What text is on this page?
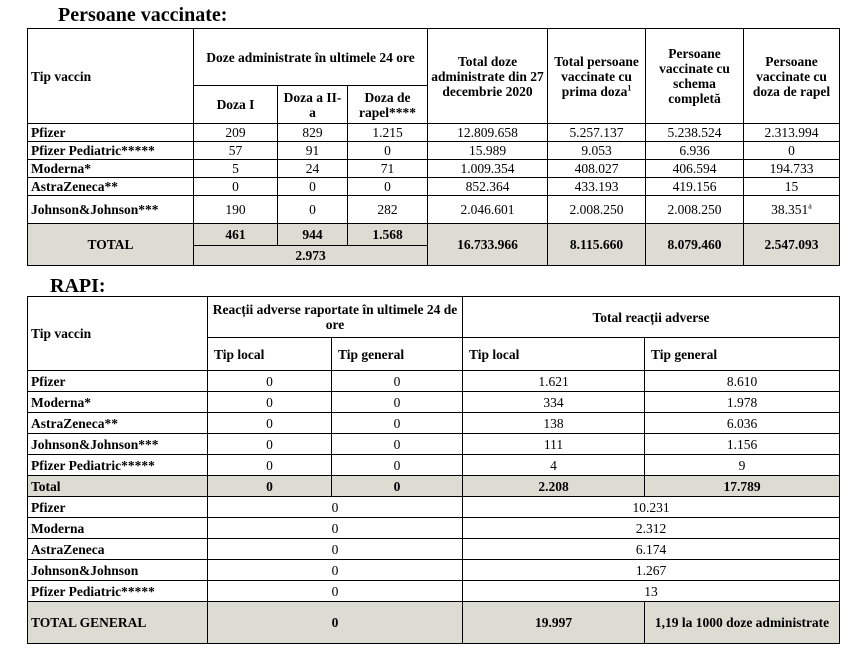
Persoane vaccinate:
Tip vaccin	Doze administrate în ultimele 24 ore			Total doze administrate din 27 decembrie 2020	Total persoane vaccinate cu prima doza$^1$	Persoane vaccinate cu schema completă	Persoane vaccinate cu doza de rapel
	Doza I	Doza a II-a	Doza de rapel****				
Pfizer	209	829	1.215	12.809.658	5.257.137	5.238.524	2.313.994
Pfizer Pediatric*****	57	91	0	15.989	9.053	6.936	0
Moderna*	5	24	71	1.009.354	408.027	406.594	194.733
AstraZeneca**	0	0	0	852.364	433.193	419.156	15
Johnson&Johnson***	190	0	282	2.046.601	2.008.250	2.008.250	38.351$^a$
TOTAL	461	944	1.568	16.733.966	8.115.660	8.079.460	2.547.093
	2.973						
RAPI:
Tip vaccin	Reacții adverse raportate în ultimele 24 de ore		Total reacții adverse	
	Tip local	Tip general	Tip local	Tip general
Pfizer	0	0	1.621	8.610
Moderna*	0	0	334	1.978
AstraZeneca**	0	0	138	6.036
Johnson&Johnson***	0	0	111	1.156
Pfizer Pediatric*****	0	0	4	9
Total	0	0	2.208	17.789
Pfizer	0		10.231	
Moderna	0		2.312	
AstraZeneca	0		6.174	
Johnson&Johnson	0		1.267	
Pfizer Pediatric*****	0		13	
TOTAL GENERAL	0		19.997	1,19 la 1000 doze administrate
